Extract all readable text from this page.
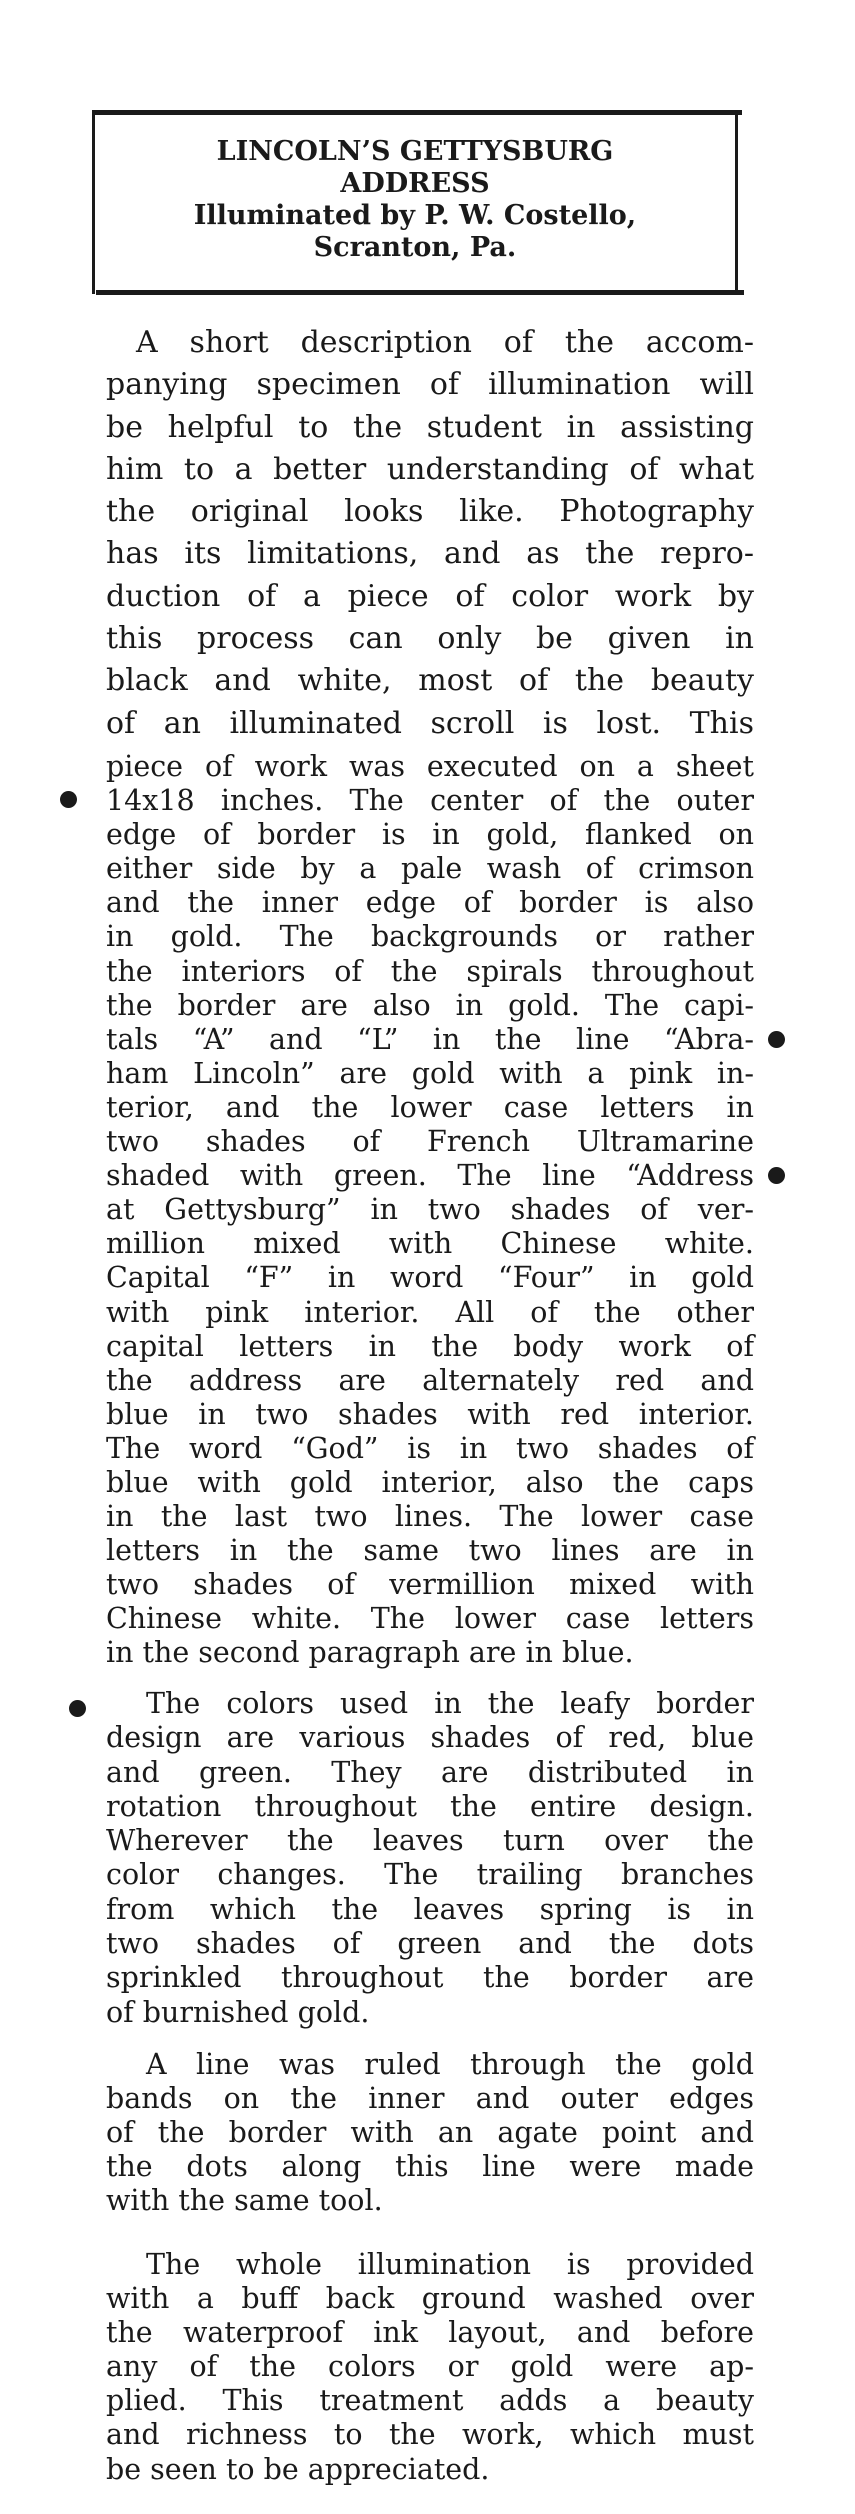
LINCOLN’S GETTYSBURG
ADDRESS
Illuminated by P. W. Costello,
Scranton, Pa.
A short description of the accom-
panying specimen of illumination will
be helpful to the student in assisting
him to a better understanding of what
the original looks like. Photography
has its limitations, and as the repro-
duction of a piece of color work by
this process can only be given in
black and white, most of the beauty
of an illuminated scroll is lost. This
piece of work was executed on a sheet
14x18 inches. The center of the outer
edge of border is in gold, flanked on
either side by a pale wash of crimson
and the inner edge of border is also
in gold. The backgrounds or rather
the interiors of the spirals throughout
the border are also in gold. The capi-
tals “A” and “L” in the line “Abra-
ham Lincoln” are gold with a pink in-
terior, and the lower case letters in
two shades of French Ultramarine
shaded with green. The line “Address
at Gettysburg” in two shades of ver-
million mixed with Chinese white.
Capital “F” in word “Four” in gold
with pink interior. All of the other
capital letters in the body work of
the address are alternately red and
blue in two shades with red interior.
The word “God” is in two shades of
blue with gold interior, also the caps
in the last two lines. The lower case
letters in the same two lines are in
two shades of vermillion mixed with
Chinese white. The lower case letters
in the second paragraph are in blue.
The colors used in the leafy border
design are various shades of red, blue
and green. They are distributed in
rotation throughout the entire design.
Wherever the leaves turn over the
color changes. The trailing branches
from which the leaves spring is in
two shades of green and the dots
sprinkled throughout the border are
of burnished gold.
A line was ruled through the gold
bands on the inner and outer edges
of the border with an agate point and
the dots along this line were made
with the same tool.
The whole illumination is provided
with a buff back ground washed over
the waterproof ink layout, and before
any of the colors or gold were ap-
plied. This treatment adds a beauty
and richness to the work, which must
be seen to be appreciated.
